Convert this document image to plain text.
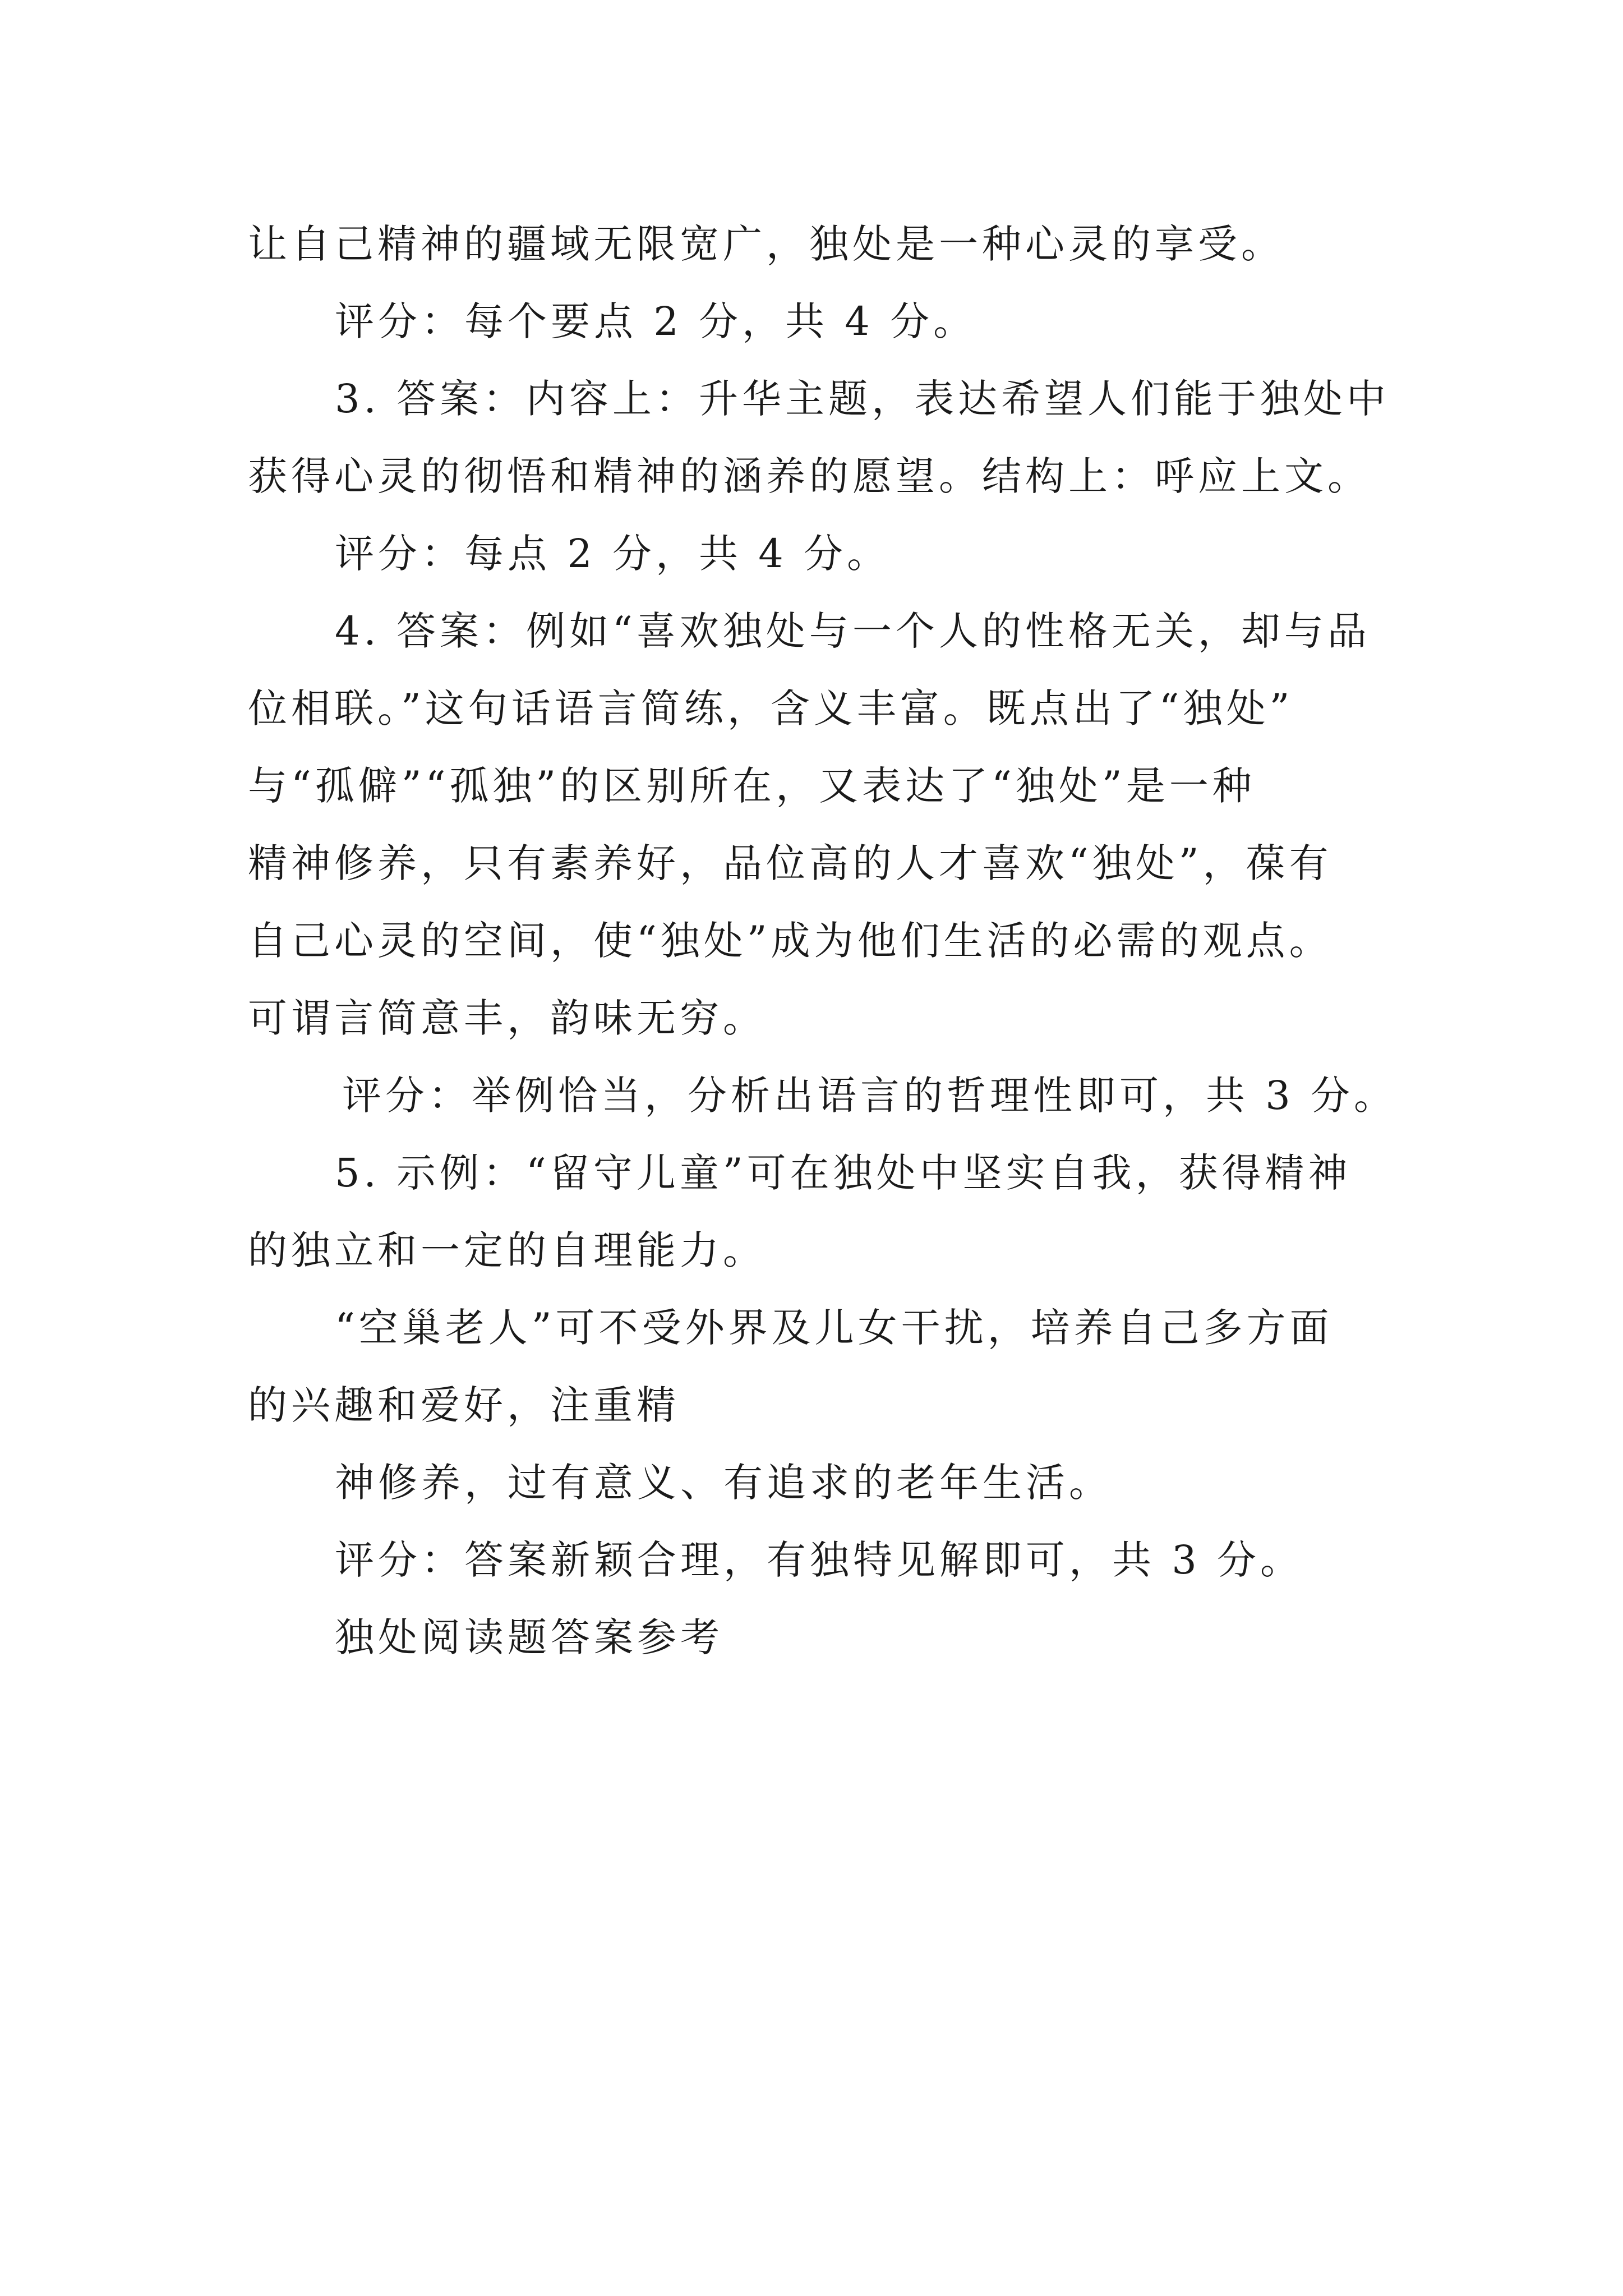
让自己精神的疆域无限宽广，独处是一种心灵的享受。
评分：每个要点 2 分，共 4 分。
3. 答案：内容上：升华主题，表达希望人们能于独处中
获得心灵的彻悟和精神的涵养的愿望。结构上：呼应上文。
评分：每点 2 分，共 4 分。
4. 答案：例如“喜欢独处与一个人的性格无关，却与品
位相联。”这句话语言简练，含义丰富。既点出了“独处”
与“孤僻”“孤独”的区别所在，又表达了“独处”是一种
精神修养，只有素养好，品位高的人才喜欢“独处”，葆有
自己心灵的空间，使“独处”成为他们生活的必需的观点。
可谓言简意丰，韵味无穷。
评分：举例恰当，分析出语言的哲理性即可，共 3 分。
5. 示例：“留守儿童”可在独处中坚实自我，获得精神
的独立和一定的自理能力。
“空巢老人”可不受外界及儿女干扰，培养自己多方面
的兴趣和爱好，注重精
神修养，过有意义、有追求的老年生活。
评分：答案新颖合理，有独特见解即可，共 3 分。
独处阅读题答案参考
